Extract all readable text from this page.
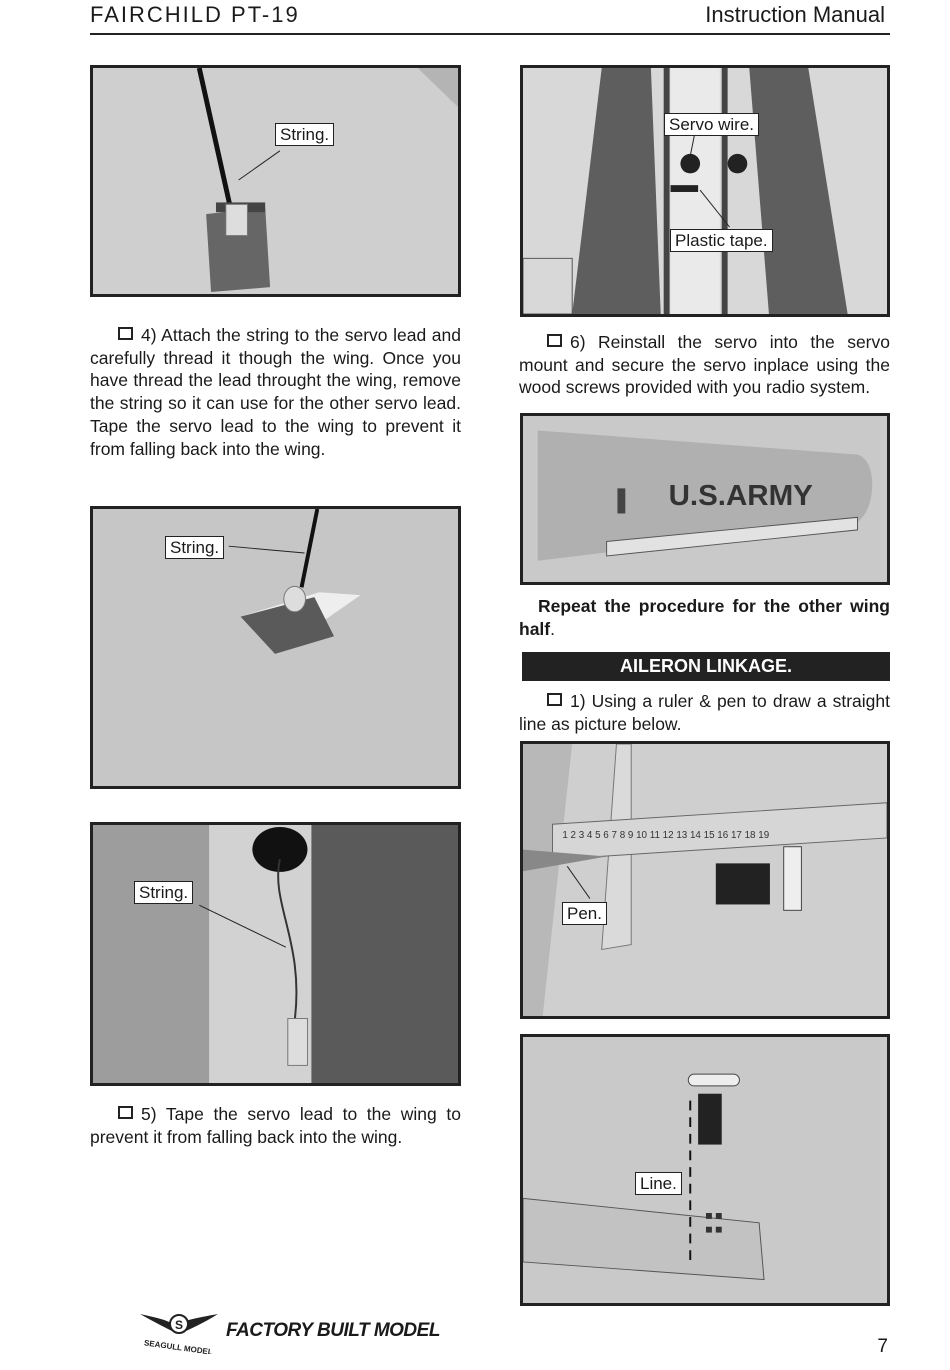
FAIRCHILD PT-19	Instruction Manual
String.
4) Attach the string to the servo lead and carefully thread it though the wing. Once you have thread the lead throught the wing, remove the string so it can use for the other servo lead. Tape the servo lead to the wing to prevent it from falling back into the wing.
String.
String.
5) Tape the servo lead to the wing to prevent it from falling back into the wing.
Servo wire.
Plastic tape.
6) Reinstall the servo into the servo mount and secure the servo inplace using the wood screws provided with you radio system.
U.S.ARMY
Repeat the procedure for the other wing half.
AILERON LINKAGE.
1) Using a ruler & pen to draw a straight line as picture below.
1 2 3 4 5 6 7 8 9 10 11 12 13 14 15 16 17 18 19
Pen.
Line.
S
SEAGULL MODEL
FACTORY BUILT MODEL
7
